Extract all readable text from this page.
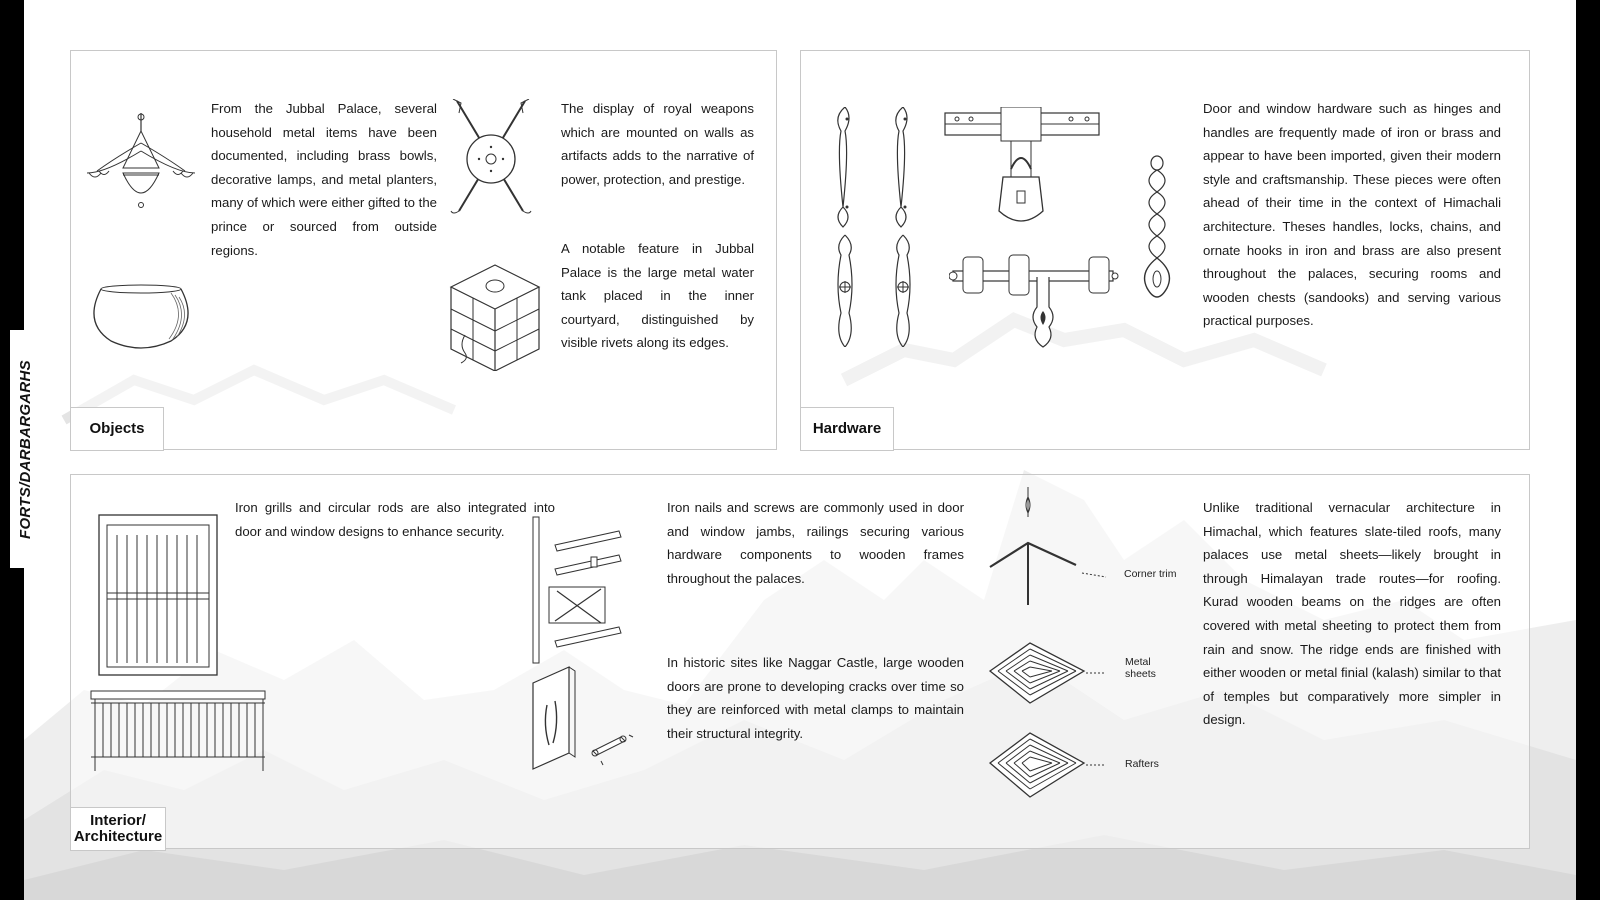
FORTS/DARBARGARHS

From the Jubbal Palace, several household metal items have been documented, including brass bowls, decorative lamps, and metal planters, many of which were either gifted to the prince or sourced from outside regions.

The display of royal weapons which are mounted on walls as artifacts adds to the narrative of power, protection, and prestige.

A notable feature in Jubbal Palace is the large metal water tank placed in the inner courtyard, distinguished by visible rivets along its edges.

Objects

Door and window hardware such as hinges and handles are frequently made of iron or brass and appear to have been imported, given their modern style and craftsmanship. These pieces were often ahead of their time in the context of Himachali architecture. Theses handles, locks, chains, and ornate hooks in iron and brass are also present throughout the palaces, securing rooms and wooden chests (sandooks) and serving various practical purposes.

Hardware

Iron grills and circular rods are also integrated into door and window designs to enhance security.

Iron nails and screws are commonly used in door and window jambs, railings securing various hardware components to wooden frames throughout the palaces.

In historic sites like Naggar Castle, large wooden doors are prone to developing cracks over time so they are reinforced with metal clamps to maintain their structural integrity.

Corner trim
Metal
sheets
Rafters

Unlike traditional vernacular architecture in Himachal, which features slate-tiled roofs, many palaces use metal sheets—likely brought in through Himalayan trade routes—for roofing. Kurad wooden beams on the ridges are often covered with metal sheeting to protect them from rain and snow. The ridge ends are finished with either wooden or metal finial (kalash) similar to that of temples but comparatively more simpler in design.

Interior/
Architecture
